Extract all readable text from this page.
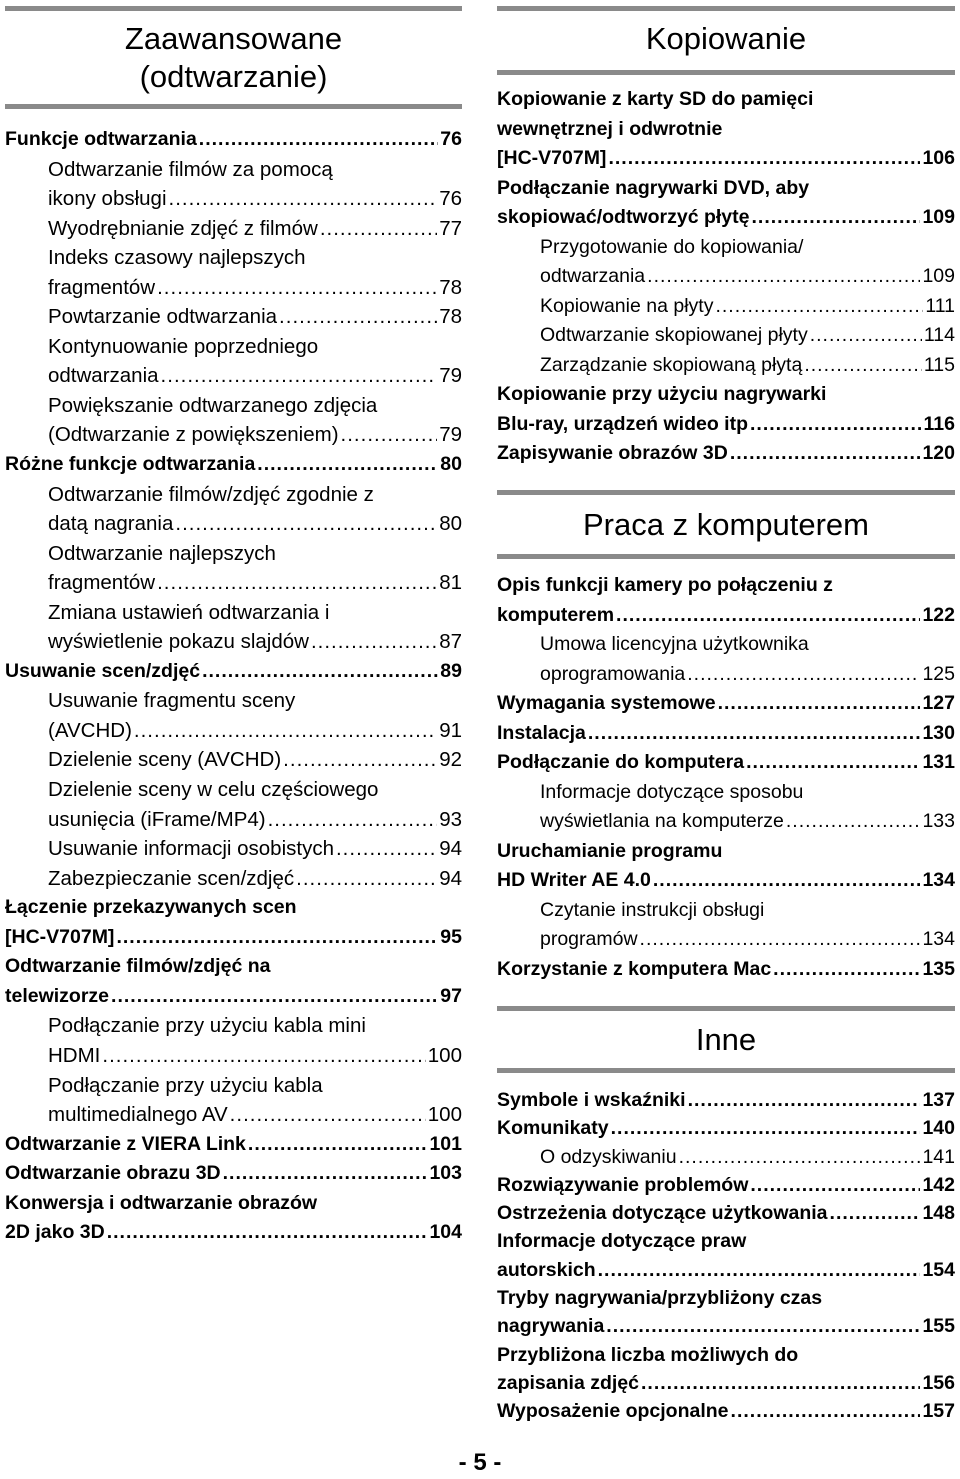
Zaawansowane
(odtwarzanie)
Funkcje odtwarzania .....	76
Odtwarzanie filmów za pomocą
ikony obsługi .....	76
Wyodrębnianie zdjęć z filmów .....	77
Indeks czasowy najlepszych
fragmentów .....	78
Powtarzanie odtwarzania .....	78
Kontynuowanie poprzedniego
odtwarzania .....	79
Powiększanie odtwarzanego zdjęcia
(Odtwarzanie z powiększeniem) .....	79
Różne funkcje odtwarzania .....	80
Odtwarzanie filmów/zdjęć zgodnie z
datą nagrania .....	80
Odtwarzanie najlepszych
fragmentów .....	81
Zmiana ustawień odtwarzania i
wyświetlenie pokazu slajdów .....	87
Usuwanie scen/zdjęć .....	89
Usuwanie fragmentu sceny
(AVCHD) .....	91
Dzielenie sceny (AVCHD) .....	92
Dzielenie sceny w celu częściowego
usunięcia (iFrame/MP4) .....	93
Usuwanie informacji osobistych .....	94
Zabezpieczanie scen/zdjęć .....	94
Łączenie przekazywanych scen
[HC-V707M] .....	95
Odtwarzanie filmów/zdjęć na
telewizorze .....	97
Podłączanie przy użyciu kabla mini
HDMI .....	100
Podłączanie przy użyciu kabla
multimedialnego AV .....	100
Odtwarzanie z VIERA Link .....	101
Odtwarzanie obrazu 3D .....	103
Konwersja i odtwarzanie obrazów
2D jako 3D .....	104
Kopiowanie
Kopiowanie z karty SD do pamięci
wewnętrznej i odwrotnie
[HC-V707M] .....	106
Podłączanie nagrywarki DVD, aby
skopiować/odtworzyć płytę .....	109
Przygotowanie do kopiowania/
odtwarzania .....	109
Kopiowanie na płyty .....	111
Odtwarzanie skopiowanej płyty .....	114
Zarządzanie skopiowaną płytą .....	115
Kopiowanie przy użyciu nagrywarki
Blu-ray, urządzeń wideo itp .....	116
Zapisywanie obrazów 3D .....	120
Praca z komputerem
Opis funkcji kamery po połączeniu z
komputerem .....	122
Umowa licencyjna użytkownika
oprogramowania .....	125
Wymagania systemowe .....	127
Instalacja .....	130
Podłączanie do komputera .....	131
Informacje dotyczące sposobu
wyświetlania na komputerze .....	133
Uruchamianie programu
HD Writer AE 4.0 .....	134
Czytanie instrukcji obsługi
programów .....	134
Korzystanie z komputera Mac .....	135
Inne
Symbole i wskaźniki .....	137
Komunikaty .....	140
O odzyskiwaniu .....	141
Rozwiązywanie problemów .....	142
Ostrzeżenia dotyczące użytkowania .....	148
Informacje dotyczące praw
autorskich .....	154
Tryby nagrywania/przybliżony czas
nagrywania .....	155
Przybliżona liczba możliwych do
zapisania zdjęć .....	156
Wyposażenie opcjonalne .....	157
- 5 -
